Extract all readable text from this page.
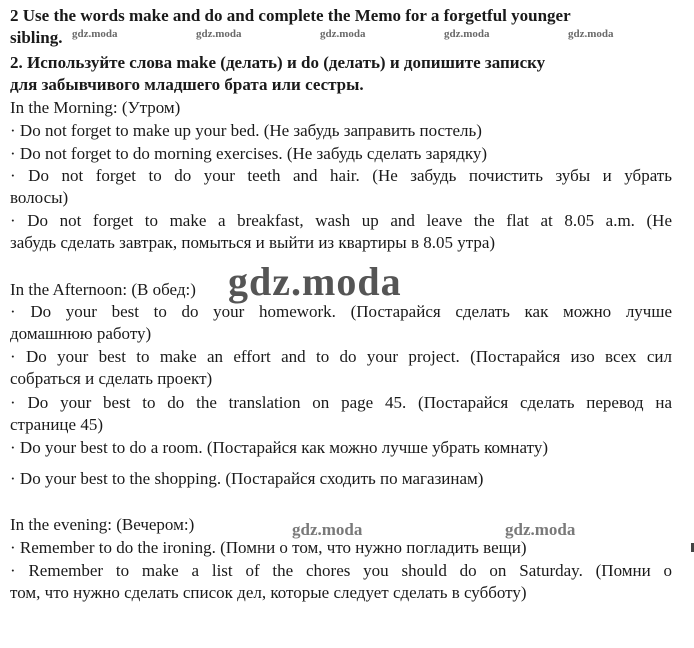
2 Use the words make and do and complete the Memo for a forgetful younger
sibling.
2. Используйте слова make (делать) и do (делать) и допишите записку
для забывчивого младшего брата или сестры.
gdz.moda	gdz.moda	gdz.moda	gdz.moda	gdz.moda
In the Morning: (Утром)
· Do not forget to make up your bed. (Не забудь заправить постель)
· Do not forget to do morning exercises. (Не забудь сделать зарядку)
· Do not forget to do your teeth and hair. (Не забудь почистить зубы и убрать
волосы)
· Do not forget to make a breakfast, wash up and leave the flat at 8.05 a.m. (Не
забудь сделать завтрак, помыться и выйти из квартиры в 8.05 утра)
In the Afternoon: (В обед:) gdz.moda
· Do your best to do your homework. (Постарайся сделать как можно лучше
домашнюю работу)
· Do your best to make an effort and to do your project. (Постарайся изо всех сил
собраться и сделать проект)
· Do your best to do the translation on page 45. (Постарайся сделать перевод на
странице 45)
· Do your best to do a room. (Постарайся как можно лучше убрать комнату)
· Do your best to the shopping. (Постарайся сходить по магазинам)
In the evening: (Вечером:)	gdz.moda	gdz.moda
· Remember to do the ironing. (Помни о том, что нужно погладить вещи)
· Remember to make a list of the chores you should do on Saturday. (Помни о
том, что нужно сделать список дел, которые следует сделать в субботу)
